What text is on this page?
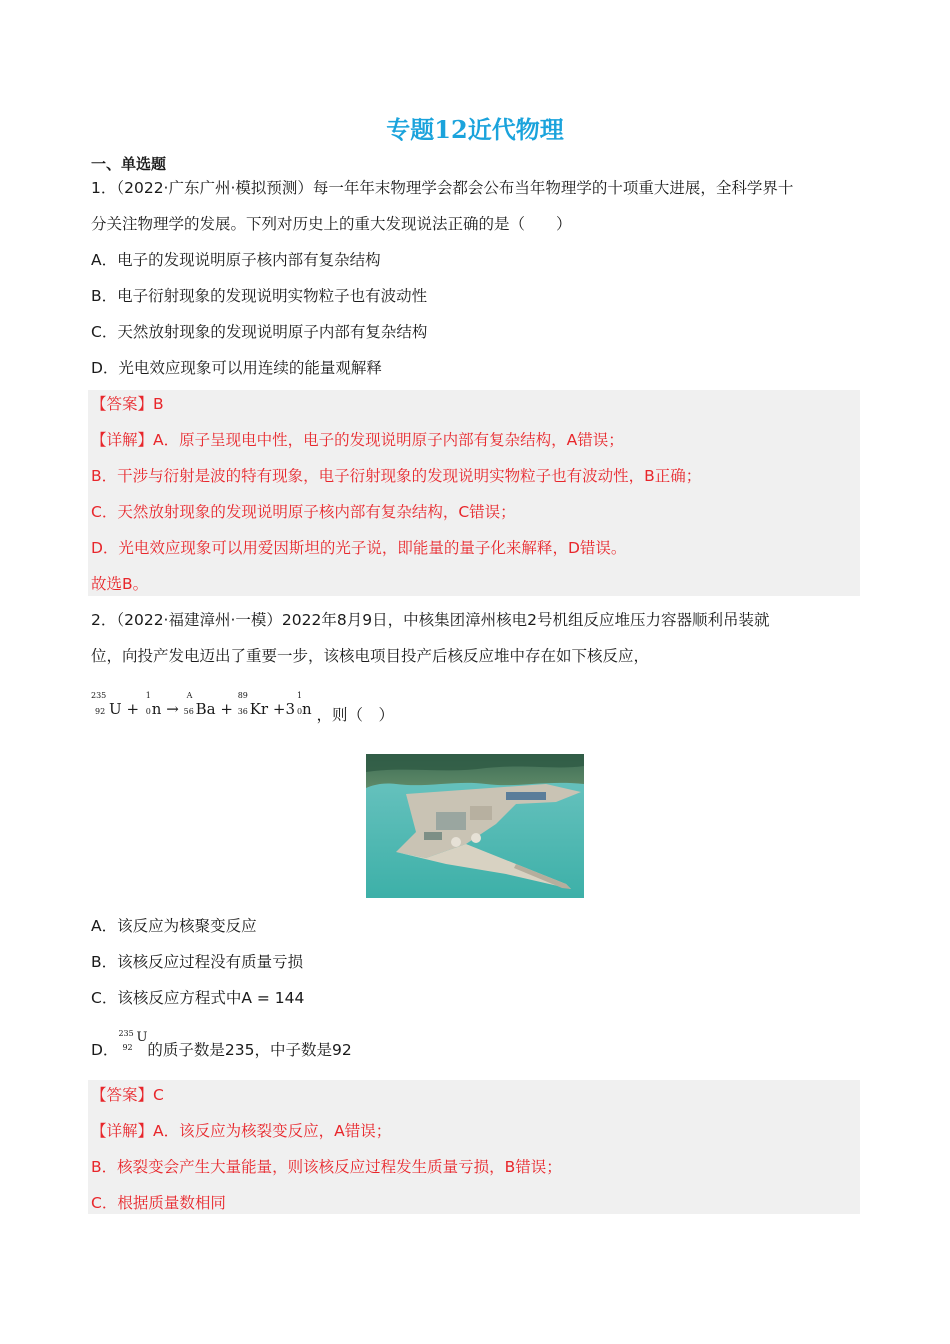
专题12近代物理
一、单选题
1．（2022·广东广州·模拟预测）每一年年末物理学会都会公布当年物理学的十项重大进展，全科学界十
分关注物理学的发展。下列对历史上的重大发现说法正确的是（　　）
A．电子的发现说明原子核内部有复杂结构
B．电子衍射现象的发现说明实物粒子也有波动性
C．天然放射现象的发现说明原子内部有复杂结构
D．光电效应现象可以用连续的能量观解释
【答案】B
【详解】A．原子呈现电中性，电子的发现说明原子内部有复杂结构，A错误；
B．干涉与衍射是波的特有现象，电子衍射现象的发现说明实物粒子也有波动性，B正确；
C．天然放射现象的发现说明原子核内部有复杂结构，C错误；
D．光电效应现象可以用爱因斯坦的光子说，即能量的量子化来解释，D错误。
故选B。
2．（2022·福建漳州·一模）2022年8月9日，中核集团漳州核电2号机组反应堆压力容器顺利吊装就
位，向投产发电迈出了重要一步，该核电项目投产后核反应堆中存在如下核反应，
235
92 U +
1
0 n →
A
56 Ba +
89
36 Kr +3
1
0 n ，则（　）
A．该反应为核聚变反应
B．该核反应过程没有质量亏损
C．该核反应方程式中A = 144
D．
235
92
U的质子数是235，中子数是92
【答案】C
【详解】A．该反应为核裂变反应，A错误；
B．核裂变会产生大量能量，则该核反应过程发生质量亏损，B错误；
C．根据质量数相同
